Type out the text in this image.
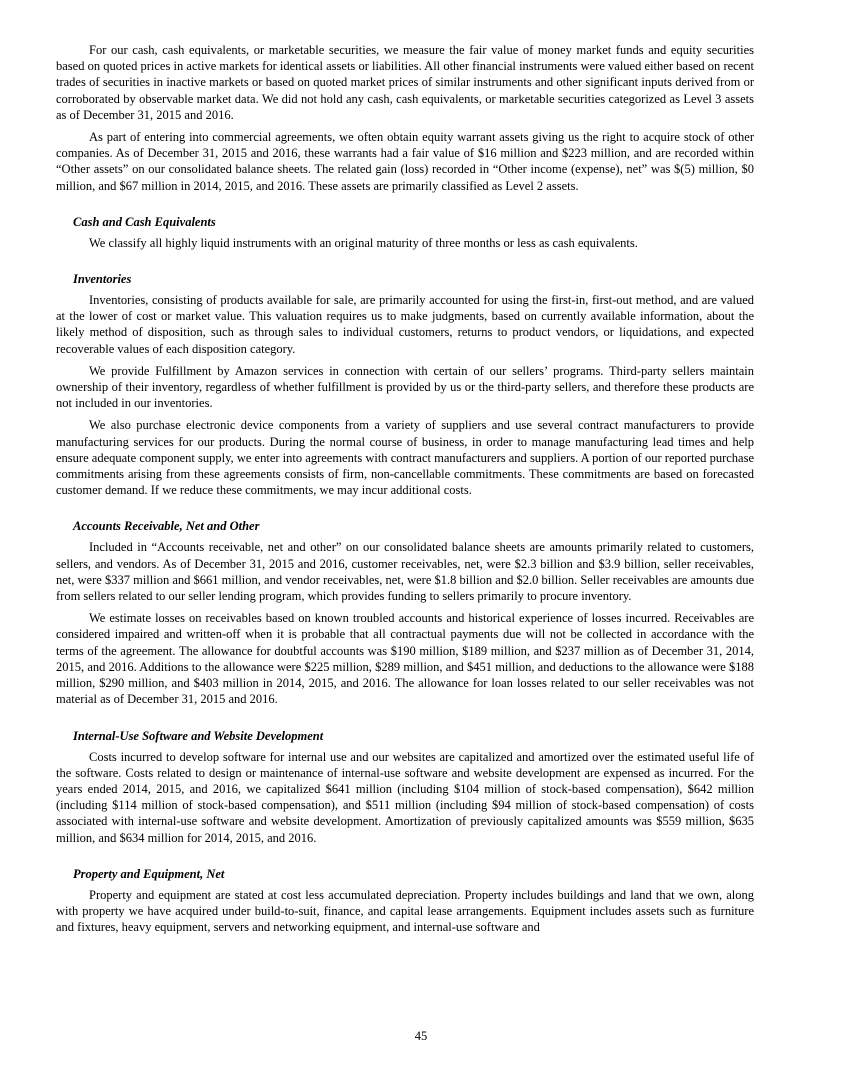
For our cash, cash equivalents, or marketable securities, we measure the fair value of money market funds and equity securities based on quoted prices in active markets for identical assets or liabilities. All other financial instruments were valued either based on recent trades of securities in inactive markets or based on quoted market prices of similar instruments and other significant inputs derived from or corroborated by observable market data. We did not hold any cash, cash equivalents, or marketable securities categorized as Level 3 assets as of December 31, 2015 and 2016.

As part of entering into commercial agreements, we often obtain equity warrant assets giving us the right to acquire stock of other companies. As of December 31, 2015 and 2016, these warrants had a fair value of $16 million and $223 million, and are recorded within “Other assets” on our consolidated balance sheets. The related gain (loss) recorded in “Other income (expense), net” was $(5) million, $0 million, and $67 million in 2014, 2015, and 2016. These assets are primarily classified as Level 2 assets.

Cash and Cash Equivalents

We classify all highly liquid instruments with an original maturity of three months or less as cash equivalents.

Inventories

Inventories, consisting of products available for sale, are primarily accounted for using the first-in, first-out method, and are valued at the lower of cost or market value. This valuation requires us to make judgments, based on currently available information, about the likely method of disposition, such as through sales to individual customers, returns to product vendors, or liquidations, and expected recoverable values of each disposition category.

We provide Fulfillment by Amazon services in connection with certain of our sellers’ programs. Third-party sellers maintain ownership of their inventory, regardless of whether fulfillment is provided by us or the third-party sellers, and therefore these products are not included in our inventories.

We also purchase electronic device components from a variety of suppliers and use several contract manufacturers to provide manufacturing services for our products. During the normal course of business, in order to manage manufacturing lead times and help ensure adequate component supply, we enter into agreements with contract manufacturers and suppliers. A portion of our reported purchase commitments arising from these agreements consists of firm, non-cancellable commitments. These commitments are based on forecasted customer demand. If we reduce these commitments, we may incur additional costs.

Accounts Receivable, Net and Other

Included in “Accounts receivable, net and other” on our consolidated balance sheets are amounts primarily related to customers, sellers, and vendors. As of December 31, 2015 and 2016, customer receivables, net, were $2.3 billion and $3.9 billion, seller receivables, net, were $337 million and $661 million, and vendor receivables, net, were $1.8 billion and $2.0 billion. Seller receivables are amounts due from sellers related to our seller lending program, which provides funding to sellers primarily to procure inventory.

We estimate losses on receivables based on known troubled accounts and historical experience of losses incurred. Receivables are considered impaired and written-off when it is probable that all contractual payments due will not be collected in accordance with the terms of the agreement. The allowance for doubtful accounts was $190 million, $189 million, and $237 million as of December 31, 2014, 2015, and 2016. Additions to the allowance were $225 million, $289 million, and $451 million, and deductions to the allowance were $188 million, $290 million, and $403 million in 2014, 2015, and 2016. The allowance for loan losses related to our seller receivables was not material as of December 31, 2015 and 2016.

Internal-Use Software and Website Development

Costs incurred to develop software for internal use and our websites are capitalized and amortized over the estimated useful life of the software. Costs related to design or maintenance of internal-use software and website development are expensed as incurred. For the years ended 2014, 2015, and 2016, we capitalized $641 million (including $104 million of stock-based compensation), $642 million (including $114 million of stock-based compensation), and $511 million (including $94 million of stock-based compensation) of costs associated with internal-use software and website development. Amortization of previously capitalized amounts was $559 million, $635 million, and $634 million for 2014, 2015, and 2016.

Property and Equipment, Net

Property and equipment are stated at cost less accumulated depreciation. Property includes buildings and land that we own, along with property we have acquired under build-to-suit, finance, and capital lease arrangements. Equipment includes assets such as furniture and fixtures, heavy equipment, servers and networking equipment, and internal-use software and

45
